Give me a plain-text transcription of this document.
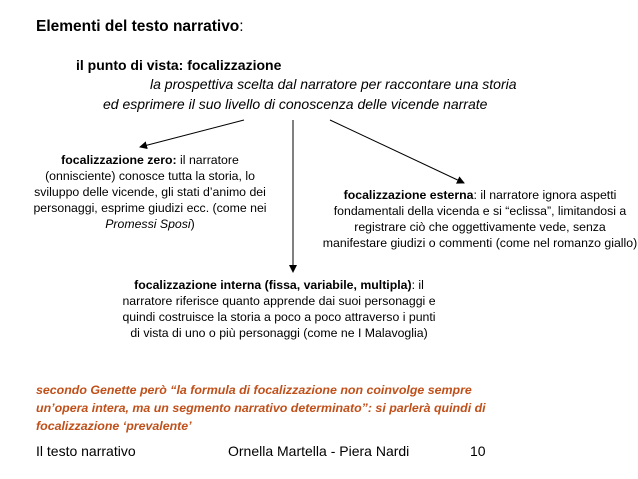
Elementi del testo narrativo:
il punto di vista: focalizzazione
la prospettiva scelta dal narratore per raccontare una storia
ed esprimere il suo livello di conoscenza delle vicende narrate
focalizzazione zero: il narratore (onnisciente) conosce tutta la storia, lo sviluppo delle vicende, gli stati d’animo dei personaggi, esprime giudizi ecc. (come nei Promessi Sposi)
focalizzazione esterna: il narratore ignora aspetti fondamentali della vicenda e si “eclissa”, limitandosi a registrare ciò che oggettivamente vede, senza manifestare giudizi o commenti (come nel romanzo giallo)
focalizzazione interna (fissa, variabile, multipla): il narratore riferisce quanto apprende dai suoi personaggi e quindi costruisce la storia a poco a poco attraverso i punti di vista di uno o più personaggi (come ne I Malavoglia)
secondo Genette però “la formula di focalizzazione non coinvolge sempre
un’opera intera, ma un segmento narrativo determinato”: si parlerà quindi di
focalizzazione ‘prevalente’
Il testo narrativo	Ornella Martella - Piera Nardi	10
